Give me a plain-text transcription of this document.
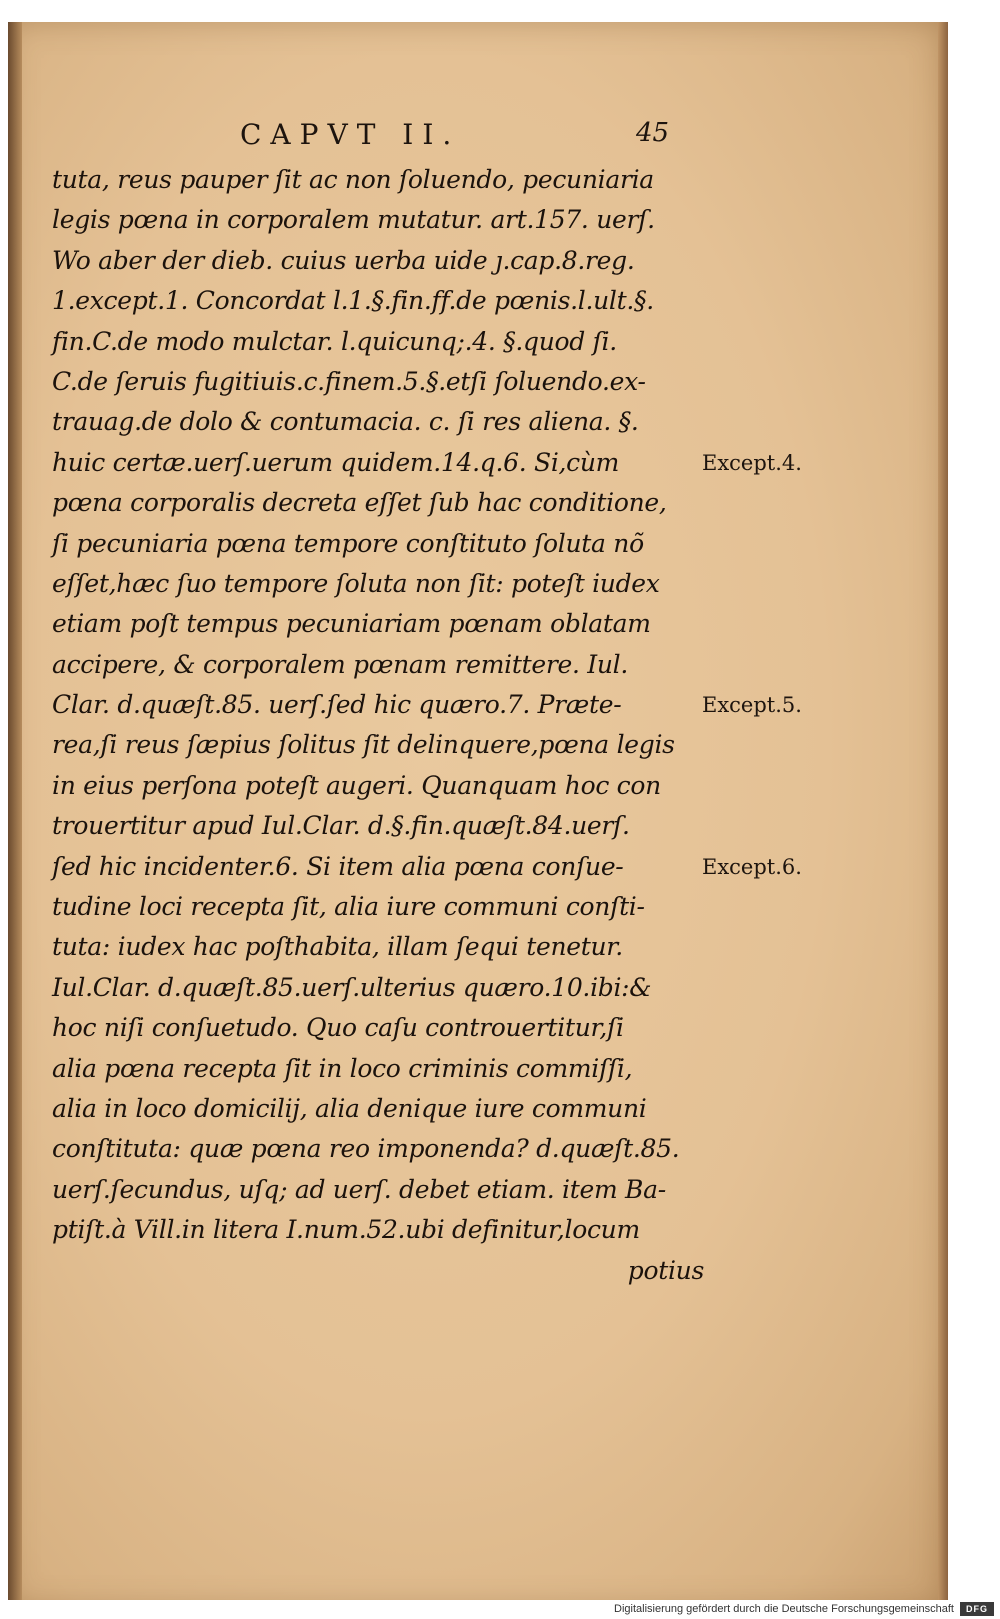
CAPVT II.	45
tuta, reus pauper ſit ac non ſoluendo, pecuniaria
legis pœna in corporalem mutatur. art.157. uerſ.
Wo aber der dieb. cuius uerba uide ȷ.cap.8.reg.
1.except.1. Concordat l.1.§.fin.ff.de pœnis.l.ult.§.
fin.C.de modo mulctar. l.quicunq;.4. §.quod ſi.
C.de ſeruis fugitiuis.c.finem.5.§.etſi ſoluendo.ex-
trauag.de dolo & contumacia. c. ſi res aliena. §.
huic certæ.uerſ.uerum quidem.14.q.6. Si,cùm
pœna corporalis decreta eſſet ſub hac conditione,
ſi pecuniaria pœna tempore conſtituto ſoluta nõ
eſſet,hæc ſuo tempore ſoluta non ſit: poteſt iudex
etiam poſt tempus pecuniariam pœnam oblatam
accipere, & corporalem pœnam remittere. Iul.
Clar. d.quæſt.85. uerſ.ſed hic quæro.7. Præte-
rea,ſi reus ſæpius ſolitus ſit delinquere,pœna legis
in eius perſona poteſt augeri. Quanquam hoc con
trouertitur apud Iul.Clar. d.§.fin.quæſt.84.uerſ.
ſed hic incidenter.6. Si item alia pœna conſue-
tudine loci recepta ſit, alia iure communi conſti-
tuta: iudex hac poſthabita, illam ſequi tenetur.
Iul.Clar. d.quæſt.85.uerſ.ulterius quæro.10.ibi:&
hoc niſi conſuetudo. Quo caſu controuertitur,ſi
alia pœna recepta ſit in loco criminis commiſſi,
alia in loco domicilij, alia denique iure communi
conſtituta: quæ pœna reo imponenda? d.quæſt.85.
uerſ.ſecundus, uſq; ad uerſ. debet etiam. item Ba-
ptiſt.à Vill.in litera I.num.52.ubi definitur,locum
potius
Except.4.
Except.5.
Except.6.
Digitalisierung gefördert durch die Deutsche Forschungsgemeinschaft	DFG
